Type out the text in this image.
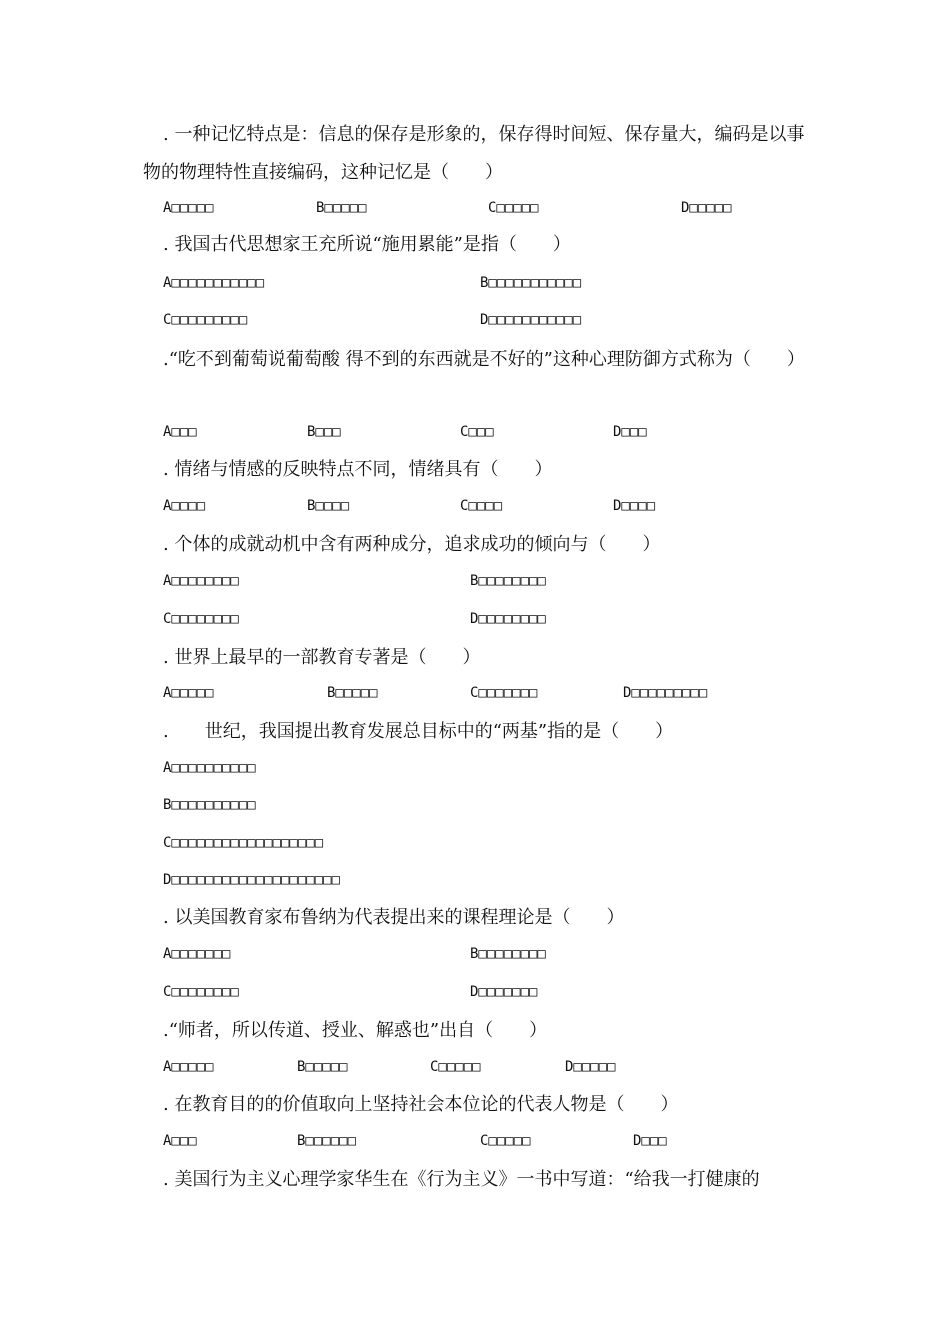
. 一种记忆特点是：信息的保存是形象的，保存得时间短、保存量大，编码是以事物的物理特性直接编码，这种记忆是（　　）
A□□□□□	B□□□□□	C□□□□□	D□□□□□
. 我国古代思想家王充所说“施用累能”是指（　　）
A□□□□□□□□□□□	B□□□□□□□□□□□
C□□□□□□□□□	D□□□□□□□□□□□
.“吃不到葡萄说葡萄酸 得不到的东西就是不好的”这种心理防御方式称为（　　）
A□□□	B□□□	C□□□	D□□□
. 情绪与情感的反映特点不同，情绪具有（　　）
A□□□□	B□□□□	C□□□□	D□□□□
. 个体的成就动机中含有两种成分，追求成功的倾向与（　　）
A□□□□□□□□	B□□□□□□□□
C□□□□□□□□	D□□□□□□□□
. 世界上最早的一部教育专著是（　　）
A□□□□□	B□□□□□	C□□□□□□□	D□□□□□□□□□
.　　世纪，我国提出教育发展总目标中的“两基”指的是（　　）
A□□□□□□□□□□
B□□□□□□□□□□
C□□□□□□□□□□□□□□□□□□
D□□□□□□□□□□□□□□□□□□□□
. 以美国教育家布鲁纳为代表提出来的课程理论是（　　）
A□□□□□□□	B□□□□□□□□
C□□□□□□□□	D□□□□□□□
.“师者，所以传道、授业、解惑也”出自（　　）
A□□□□□	B□□□□□	C□□□□□	D□□□□□
. 在教育目的的价值取向上坚持社会本位论的代表人物是（　　）
A□□□	B□□□□□□	C□□□□□	D□□□
. 美国行为主义心理学家华生在《行为主义》一书中写道：“给我一打健康的
